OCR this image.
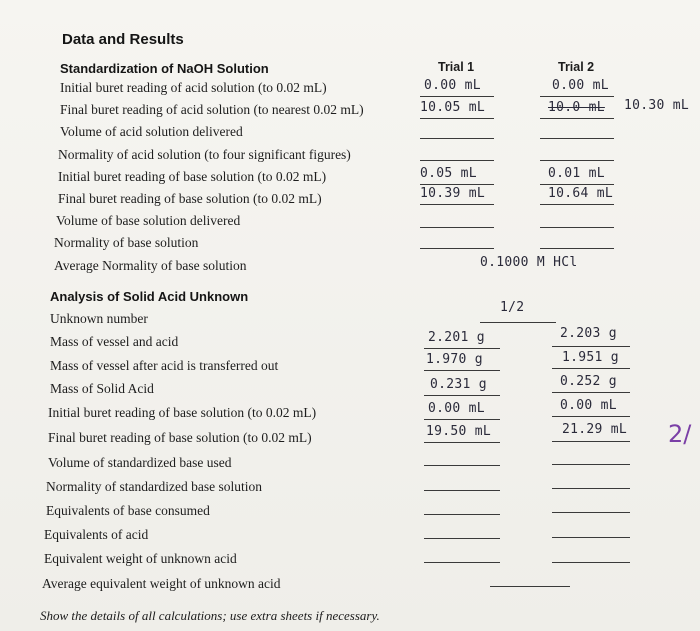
Data and Results
Standardization of NaOH Solution	Trial 1	Trial 2
Initial buret reading of acid solution (to 0.02 mL)
Final buret reading of acid solution (to nearest 0.02 mL)
Volume of acid solution delivered
Normality of acid solution (to four significant figures)
Initial buret reading of base solution (to 0.02 mL)
Final buret reading of base solution (to 0.02 mL)
Volume of base solution delivered
Normality of base solution
Average Normality of base solution
0.00 mL
10.05 mL
0.05 mL
10.39 mL
0.00 mL
10.0 mL 10.30 mL
0.01 mL
10.64 mL
0.1000 M HCl
Analysis of Solid Acid Unknown
Unknown number
Mass of vessel and acid
Mass of vessel after acid is transferred out
Mass of Solid Acid
Initial buret reading of base solution (to 0.02 mL)
Final buret reading of base solution (to 0.02 mL)
Volume of standardized base used
Normality of standardized base solution
Equivalents of base consumed
Equivalents of acid
Equivalent weight of unknown acid
Average equivalent weight of unknown acid
1/2
2.201 g
1.970 g
0.231 g
0.00 mL
19.50 mL
2.203 g
1.951 g
0.252 g
0.00 mL
21.29 mL 2/
Show the details of all calculations; use extra sheets if necessary.
